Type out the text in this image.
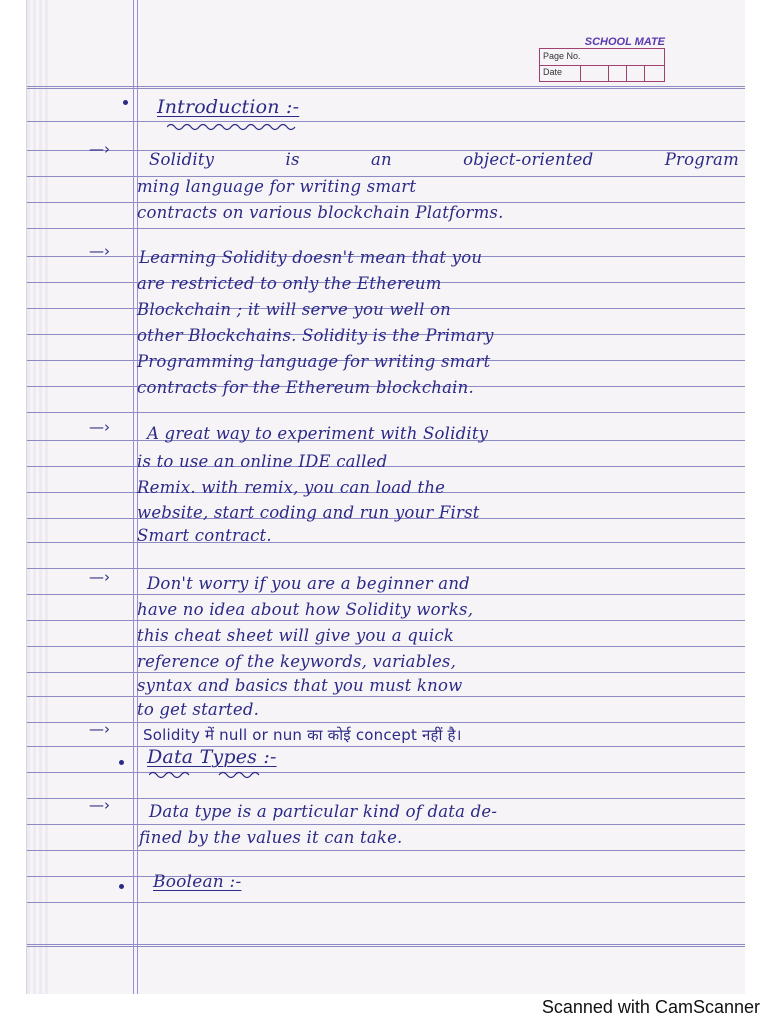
SCHOOL MATE
Page No.
Date
Introduction :-
—›
Solidity	is	an	object-oriented	Program
ming language for writing smart
contracts on various blockchain Platforms.
—› Learning Solidity doesn't mean that you
are restricted to only the Ethereum
Blockchain ; it will serve you well on
other Blockchains. Solidity is the Primary
Programming language for writing smart
contracts for the Ethereum blockchain.
—› A great way to experiment with Solidity
is to use an online IDE called
Remix. with remix, you can load the
website, start coding and run your First
Smart contract.
—› Don't worry if you are a beginner and
have no idea about how Solidity works,
this cheat sheet will give you a quick
reference of the keywords, variables,
syntax and basics that you must know
to get started.
—› Solidity में null or nun का कोई concept नहीं है।
Data Types :-
—› Data type is a particular kind of data de-
fined by the values it can take.
Boolean :-
Scanned with CamScanner
